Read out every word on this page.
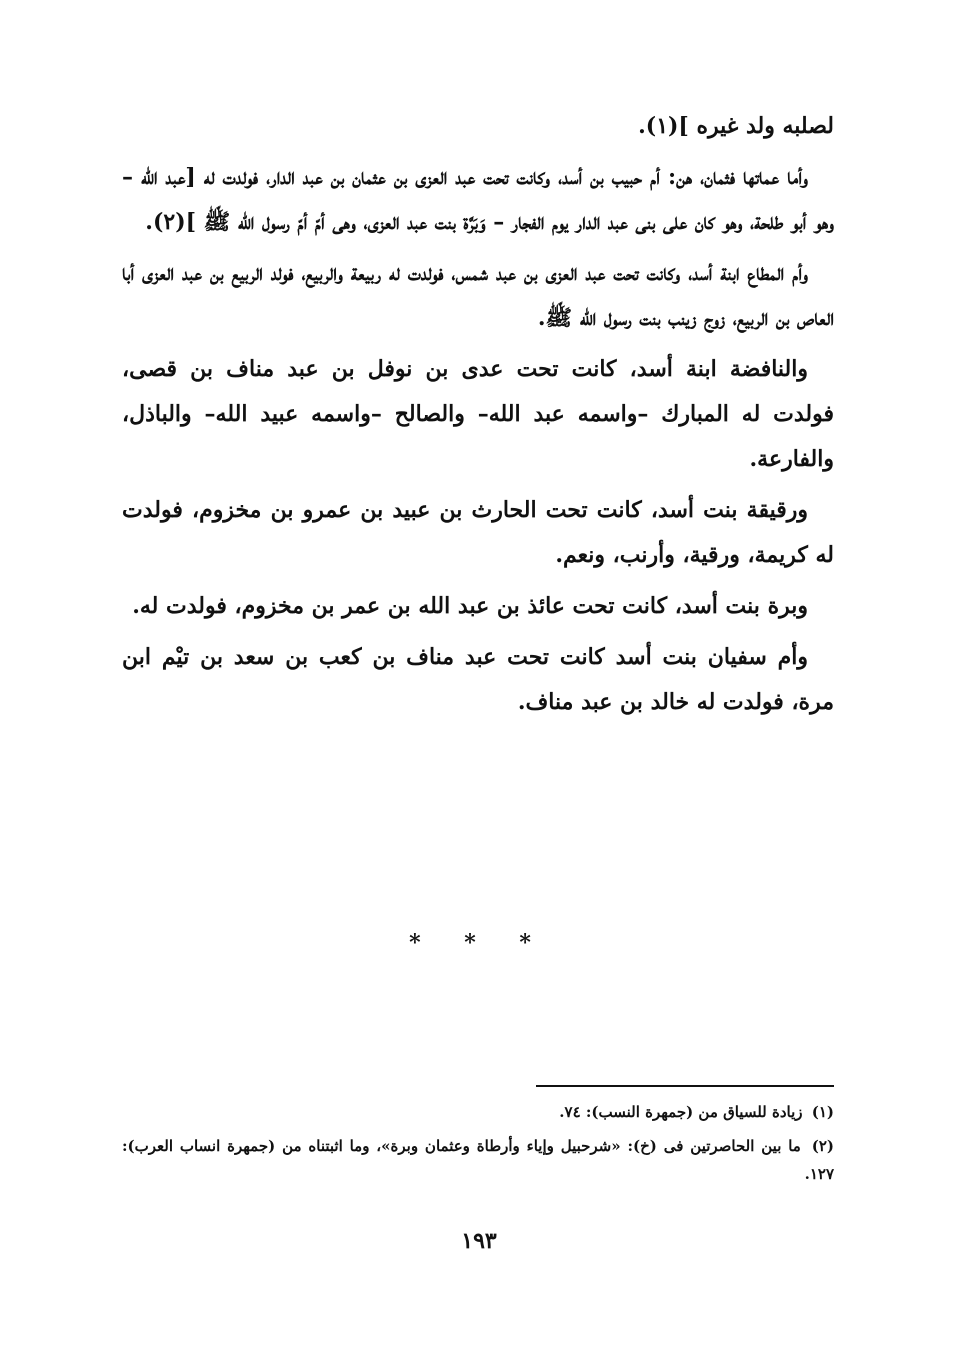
لصلبه ولد غيره ](١).

وأما عماتها فثمان، هن: أم حبيب بن أسد، وكانت تحت عبد العزى بن عثمان بن عبد الدار، فولدت له [عبد الله – وهو أبو طلحة، وهو كان على بنى عبد الدار يوم الفجار – وَبَرَّة بنت عبد العزى، وهى أمّ أمّ رسول الله ﷺ ](٢).

وأم المطاع ابنة أسد، وكانت تحت عبد العزى بن عبد شمس، فولدت له ربيعة والربيع، فولد الربيع بن عبد العزى أبا العاص بن الربيع، زوج زينب بنت رسول الله ﷺ.

والنافضة ابنة أسد، كانت تحت عدى بن نوفل بن عبد مناف بن قصى، فولدت له المبارك –واسمه عبد الله– والصالح –واسمه عبيد الله– والباذل، والفارعة.

ورقيقة بنت أسد، كانت تحت الحارث بن عبيد بن عمرو بن مخزوم، فولدت له كريمة، ورقية، وأرنب، ونعم.

وبرة بنت أسد، كانت تحت عائذ بن عبد الله بن عمر بن مخزوم، فولدت له.

وأم سفيان بنت أسد كانت تحت عبد مناف بن كعب بن سعد بن تيْم ابن مرة، فولدت له خالد بن عبد مناف.

* * *

(١) زيادة للسياق من (جمهرة النسب): ٧٤.

(٢) ما بين الحاصرتين فى (خ): «شرحبيل وإياء وأرطاة وعثمان وبرة»، وما اثبتناه من (جمهرة انساب العرب): ١٢٧.

١٩٣
